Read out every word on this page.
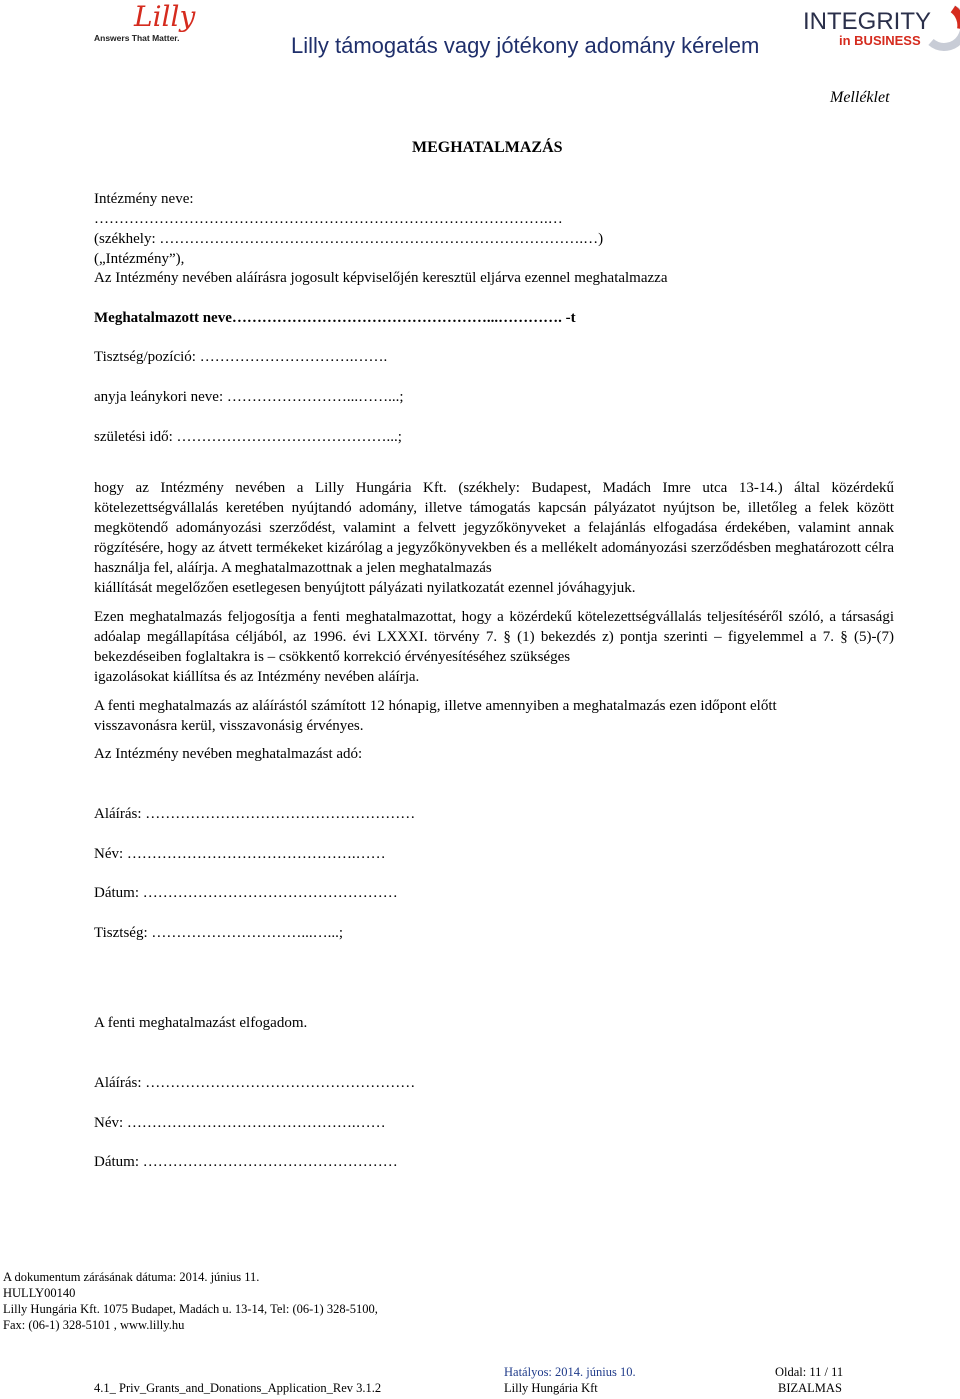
Lilly
Answers That Matter.	Lilly támogatás vagy jótékony adomány kérelem
INTEGRITY
in BUSINESS
Melléklet
MEGHATALMAZÁS
Intézmény neve:
……………………………………………………………………………….…
(székhely: ………………………………………………………………………….…)
(„Intézmény”),
Az Intézmény nevében aláírásra jogosult képviselőjén keresztül eljárva ezennel meghatalmazza
Meghatalmazott neve……………………………………………...…………. -t
Tisztség/pozíció: ………………………….…….
anyja leánykori neve: ……………………...……...;
születési idő: ……………………………………...;
hogy az Intézmény nevében a Lilly Hungária Kft. (székhely: Budapest, Madách Imre utca 13-14.) által közérdekű kötelezettségvállalás keretében nyújtandó adomány, illetve támogatás kapcsán pályázatot nyújtson be, illetőleg a felek között megkötendő adományozási szerződést, valamint a felvett jegyzőkönyveket a felajánlás elfogadása érdekében, valamint annak rögzítésére, hogy az átvett termékeket kizárólag a jegyzőkönyvekben és a mellékelt adományozási szerződésben meghatározott célra használja fel, aláírja. A meghatalmazottnak a jelen meghatalmazás
kiállítását megelőzően esetlegesen benyújtott pályázati nyilatkozatát ezennel jóváhagyjuk.
Ezen meghatalmazás feljogosítja a fenti meghatalmazottat, hogy a közérdekű kötelezettségvállalás teljesítéséről szóló, a társasági adóalap megállapítása céljából, az 1996. évi LXXXI. törvény 7. § (1) bekezdés z) pontja szerinti – figyelemmel a 7. § (5)-(7) bekezdéseiben foglaltakra is – csökkentő korrekció érvényesítéséhez szükséges
igazolásokat kiállítsa és az Intézmény nevében aláírja.
A fenti meghatalmazás az aláírástól számított 12 hónapig, illetve amennyiben a meghatalmazás ezen időpont előtt
visszavonásra kerül, visszavonásig érvényes.
Az Intézmény nevében meghatalmazást adó:
Aláírás: ………………………………………………
Név: ……………………………………….……
Dátum: ……………………………………………
Tisztség: …………………………...…...;
A fenti meghatalmazást elfogadom.
Aláírás: ………………………………………………
Név: ……………………………………….……
Dátum: ……………………………………………
A dokumentum zárásának dátuma: 2014. június 11.
HULLY00140
Lilly Hungária Kft. 1075 Budapet, Madách u. 13-14, Tel: (06-1) 328-5100,
Fax: (06-1) 328-5101 , www.lilly.hu
Hatályos: 2014. június 10.	Oldal: 11 / 11
4.1_ Priv_Grants_and_Donations_Application_Rev 3.1.2	Lilly Hungária Kft	BIZALMAS
